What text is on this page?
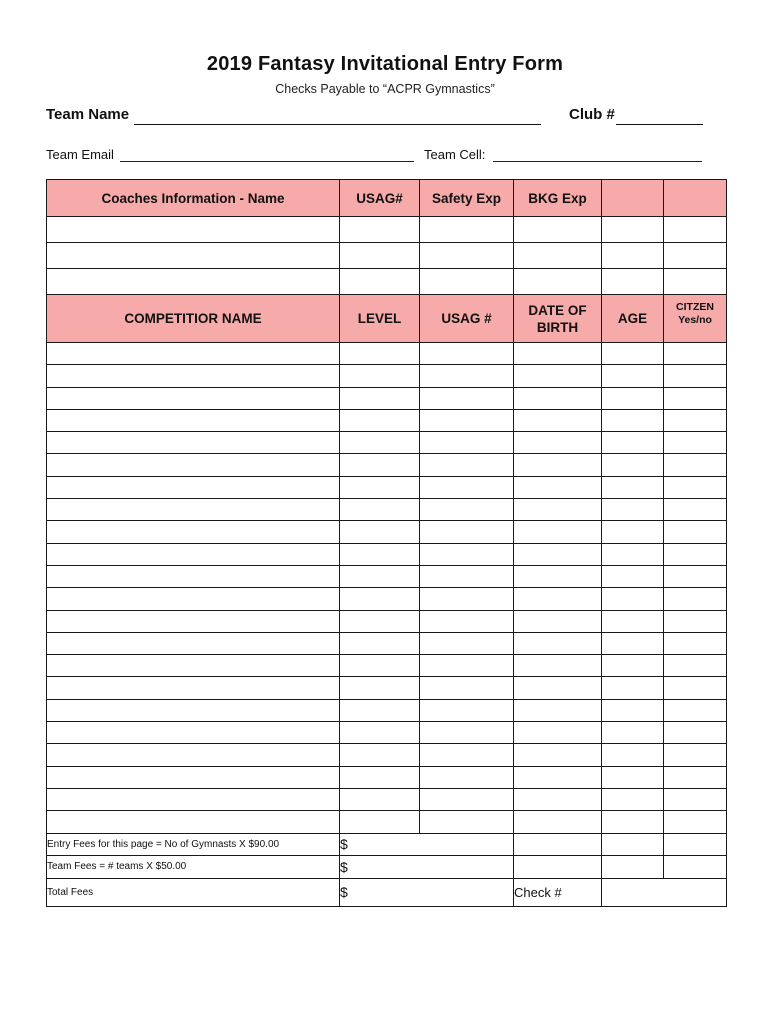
2019 Fantasy Invitational Entry Form
Checks Payable to “ACPR Gymnastics”
Team Name	Club #
Team Email	Team Cell:
Coaches Information - Name	USAG#	Safety Exp	BKG Exp		

COMPETITIOR NAME	LEVEL	USAG #	DATE OF BIRTH	AGE	CITZEN Yes/no

Entry Fees for this page = No of Gymnasts X $90.00	$				
Team Fees = # teams X $50.00	$				
Total Fees	$		Check #		
